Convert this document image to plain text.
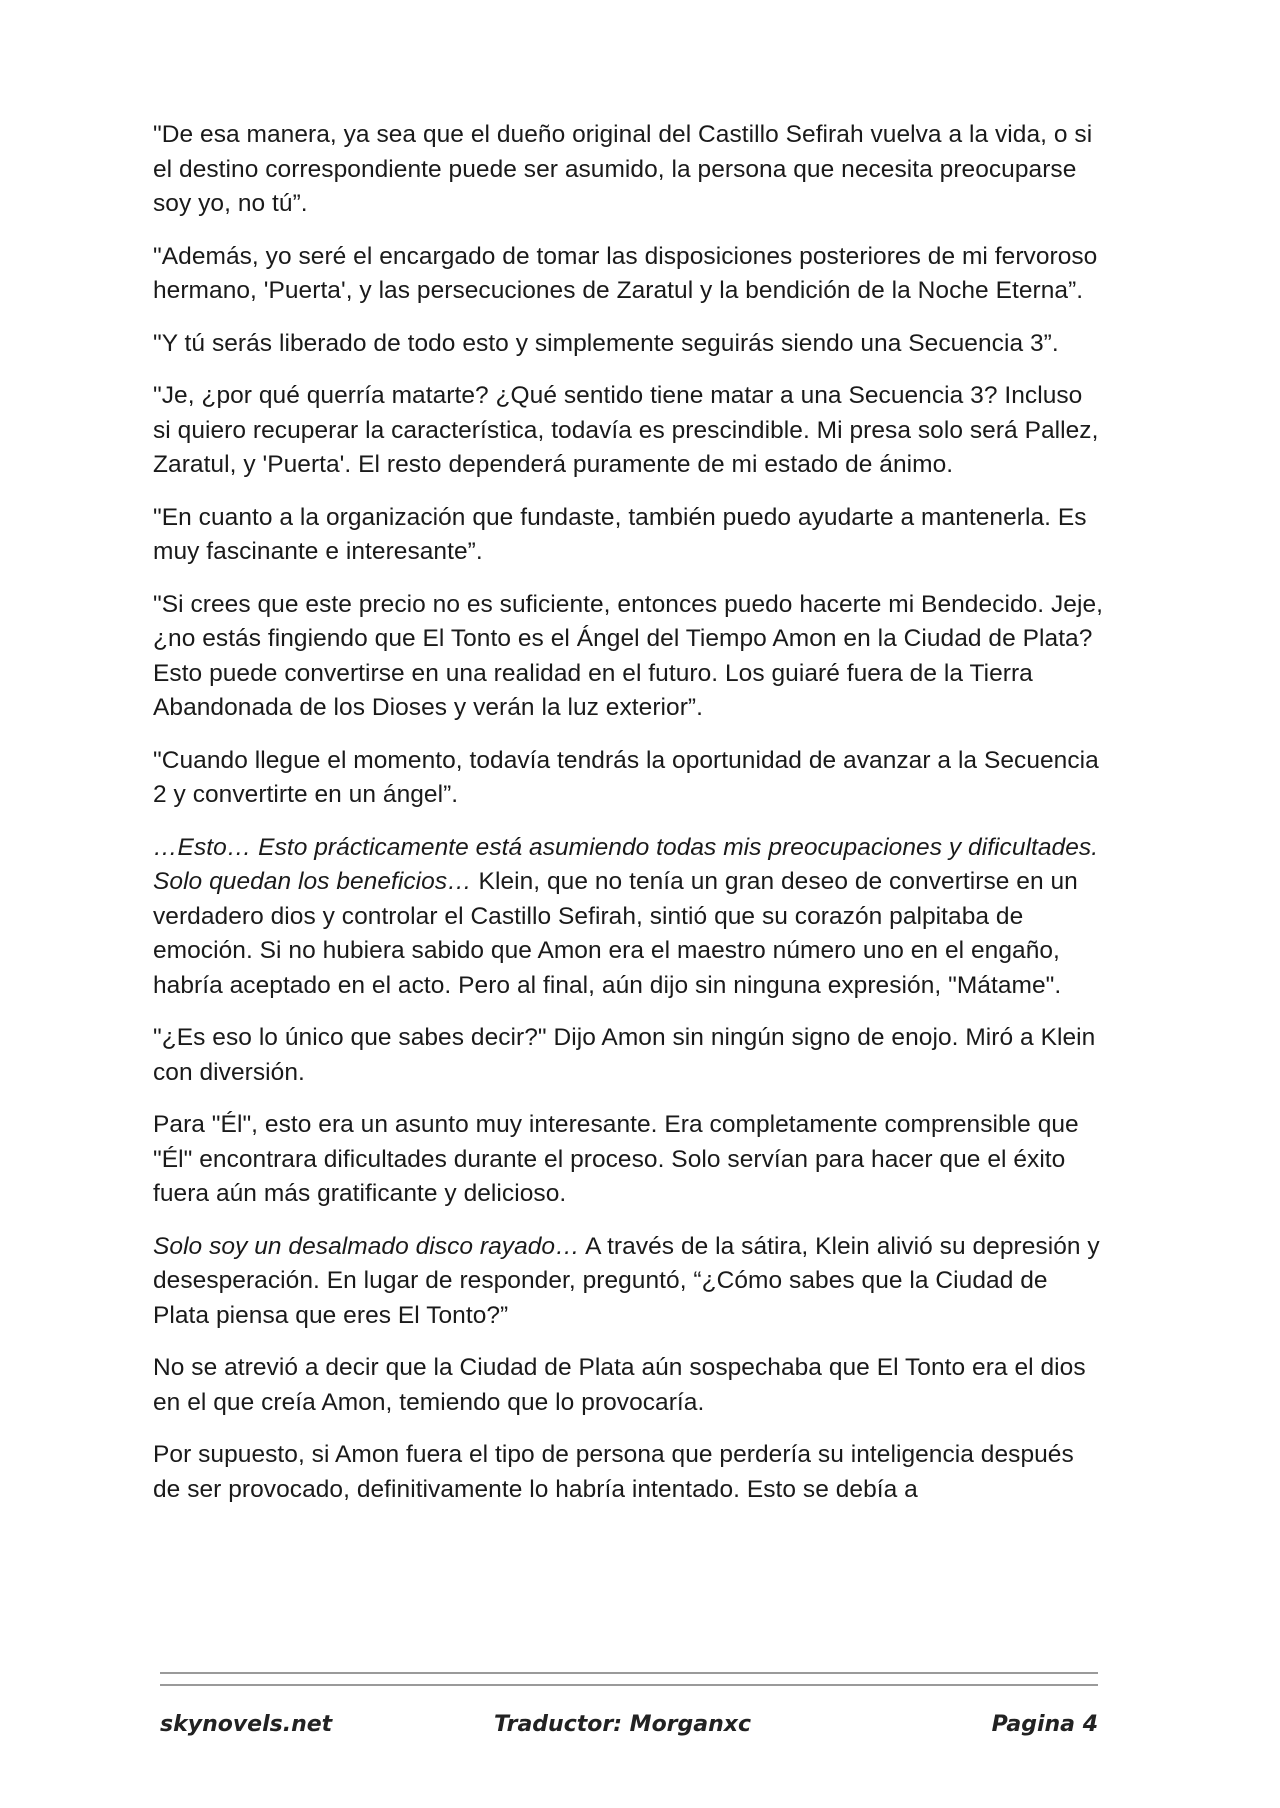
"De esa manera, ya sea que el dueño original del Castillo Sefirah vuelva a la vida, o si el destino correspondiente puede ser asumido, la persona que necesita preocuparse soy yo, no tú”.

"Además, yo seré el encargado de tomar las disposiciones posteriores de mi fervoroso hermano, 'Puerta', y las persecuciones de Zaratul y la bendición de la Noche Eterna”.

"Y tú serás liberado de todo esto y simplemente seguirás siendo una Secuencia 3”.

"Je, ¿por qué querría matarte? ¿Qué sentido tiene matar a una Secuencia 3? Incluso si quiero recuperar la característica, todavía es prescindible. Mi presa solo será Pallez, Zaratul, y 'Puerta'. El resto dependerá puramente de mi estado de ánimo.

"En cuanto a la organización que fundaste, también puedo ayudarte a mantenerla. Es muy fascinante e interesante”.

"Si crees que este precio no es suficiente, entonces puedo hacerte mi Bendecido. Jeje, ¿no estás fingiendo que El Tonto es el Ángel del Tiempo Amon en la Ciudad de Plata? Esto puede convertirse en una realidad en el futuro. Los guiaré fuera de la Tierra Abandonada de los Dioses y verán la luz exterior”.

"Cuando llegue el momento, todavía tendrás la oportunidad de avanzar a la Secuencia 2 y convertirte en un ángel”.

…Esto… Esto prácticamente está asumiendo todas mis preocupaciones y dificultades. Solo quedan los beneficios… Klein, que no tenía un gran deseo de convertirse en un verdadero dios y controlar el Castillo Sefirah, sintió que su corazón palpitaba de emoción. Si no hubiera sabido que Amon era el maestro número uno en el engaño, habría aceptado en el acto. Pero al final, aún dijo sin ninguna expresión, "Mátame".

"¿Es eso lo único que sabes decir?" Dijo Amon sin ningún signo de enojo. Miró a Klein con diversión.

Para "Él", esto era un asunto muy interesante. Era completamente comprensible que "Él" encontrara dificultades durante el proceso. Solo servían para hacer que el éxito fuera aún más gratificante y delicioso.

Solo soy un desalmado disco rayado… A través de la sátira, Klein alivió su depresión y desesperación. En lugar de responder, preguntó, “¿Cómo sabes que la Ciudad de Plata piensa que eres El Tonto?”

No se atrevió a decir que la Ciudad de Plata aún sospechaba que El Tonto era el dios en el que creía Amon, temiendo que lo provocaría.

Por supuesto, si Amon fuera el tipo de persona que perdería su inteligencia después de ser provocado, definitivamente lo habría intentado. Esto se debía a

skynovels.net	Traductor: Morganxc	Pagina 4
